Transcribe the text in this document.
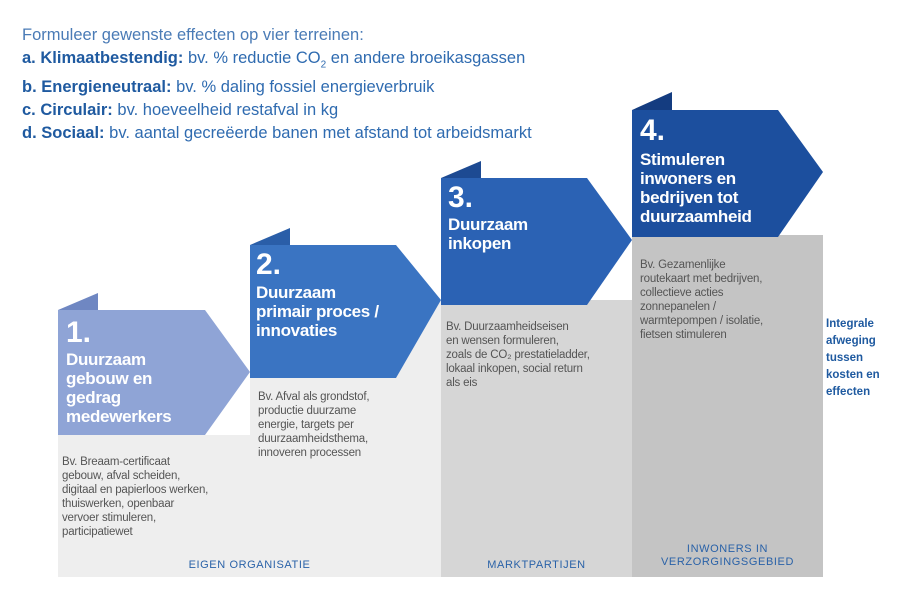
Formuleer gewenste effecten op vier terreinen:
a. Klimaatbestendig: bv. % reductie $CO_2$ en andere broeikasgassen
b. Energieneutraal: bv. % daling fossiel energieverbruik
c. Circulair: bv. hoeveelheid restafval in kg
d. Sociaal: bv. aantal gecreëerde banen met afstand tot arbeidsmarkt
1.
Duurzaam
gebouw en
gedrag
medewerkers
Bv. Breaam-certificaat
gebouw, afval scheiden,
digitaal en papierloos werken,
thuiswerken, openbaar
vervoer stimuleren,
participatiewet
2.
Duurzaam
primair proces /
innovaties
Bv. Afval als grondstof,
productie duurzame
energie, targets per
duurzaamheidsthema,
innoveren processen
3.
Duurzaam
inkopen
Bv. Duurzaamheidseisen
en wensen formuleren,
zoals de CO₂ prestatieladder,
lokaal inkopen, social return
als eis
4.
Stimuleren
inwoners en
bedrijven tot
duurzaamheid
Bv. Gezamenlijke
routekaart met bedrijven,
collectieve acties
zonnepanelen /
warmtepompen / isolatie,
fietsen stimuleren
EIGEN ORGANISATIE	MARKTPARTIJEN
INWONERS IN
VERZORGINGSGEBIED
Integrale
afweging
tussen
kosten en
effecten
